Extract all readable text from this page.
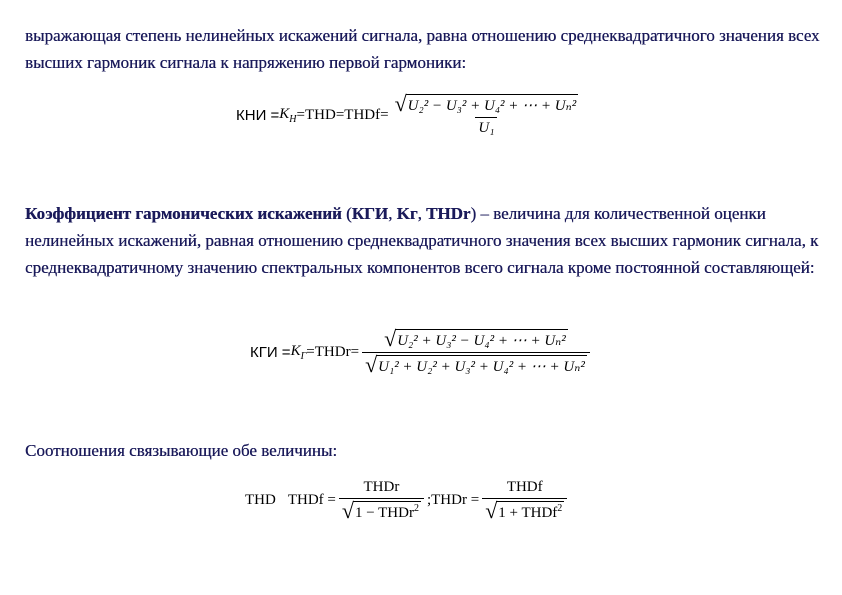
выражающая степень нелинейных искажений сигнала, равна отношению среднеквадратичного значения всех высших гармоник сигнала к напряжению первой гармоники:
КНИ = $K_H$ = THD = THDf = $\frac{\text{√ U₂² − U₃² + U₄² + ⋯ + Uₙ²}}{\text{U₁}}$
Коэффициент гармонических искажений (КГИ, Kг, THDr) – величина для количественной оценки нелинейных искажений, равная отношению среднеквадратичного значения всех высших гармоник сигнала, к среднеквадратичному значению спектральных компонентов всего сигнала кроме постоянной составляющей:
КГИ = $K_Г$ = THDr = $\frac{\text{√ U₂² + U₃² − U₄² + ⋯ + Uₙ²}}{\text{√ U₁² + U₂² + U₃² + U₄² + ⋯ + Uₙ²}}$
Соотношения связывающие обе величины:
THD THDf = $\frac{\text{THDr}}{√ 1 - THDr^2}$ ; THDr = $\frac{\text{THDf}}{√ 1 + THDf^2}$
